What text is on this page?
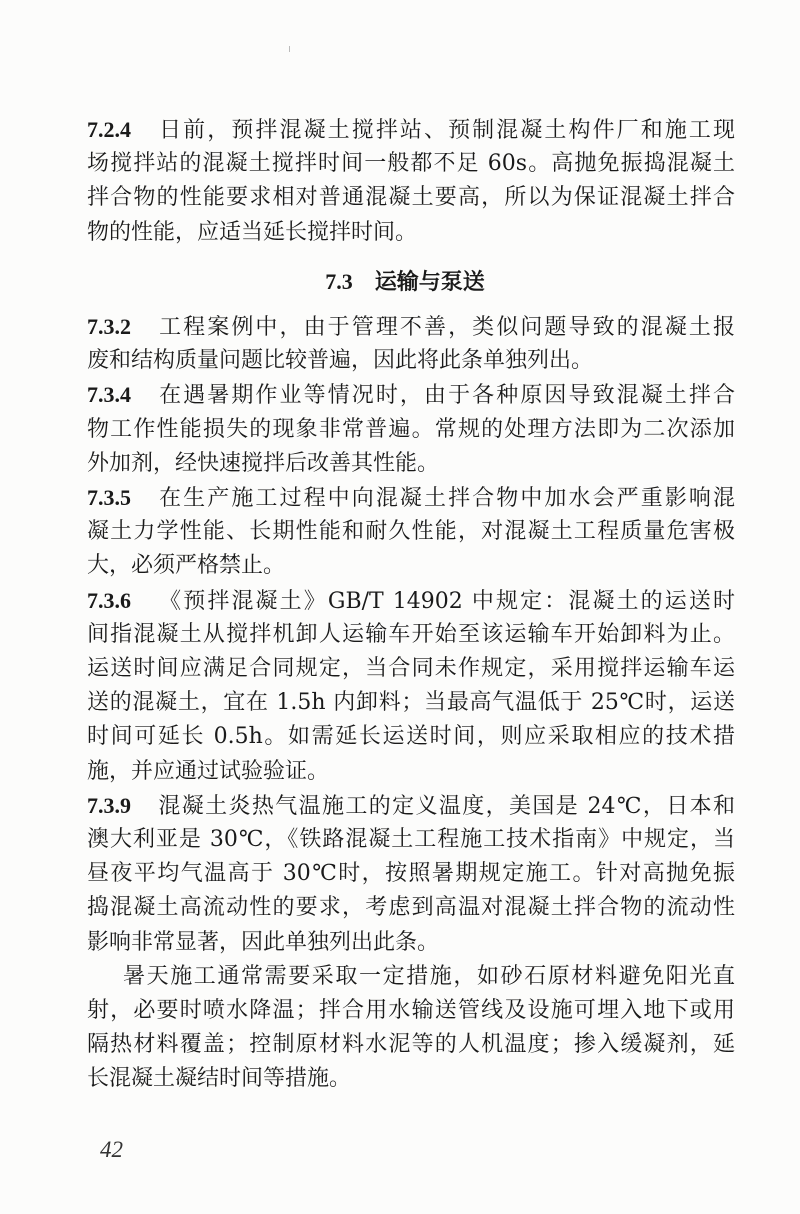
7.3 运输与泵送
7.2.4 日前，预拌混凝土搅拌站、预制混凝土构件厂和施工现
场搅拌站的混凝土搅拌时间一般都不足 60s。高抛免振捣混凝土
拌合物的性能要求相对普通混凝土要高，所以为保证混凝土拌合
物的性能，应适当延长搅拌时间。
7.3.2 工程案例中，由于管理不善，类似问题导致的混凝土报
废和结构质量问题比较普遍，因此将此条单独列出。
7.3.4 在遇暑期作业等情况时，由于各种原因导致混凝土拌合
物工作性能损失的现象非常普遍。常规的处理方法即为二次添加
外加剂，经快速搅拌后改善其性能。
7.3.5 在生产施工过程中向混凝土拌合物中加水会严重影响混
凝土力学性能、长期性能和耐久性能，对混凝土工程质量危害极
大，必须严格禁止。
7.3.6 《预拌混凝土》GB/T 14902 中规定：混凝土的运送时
间指混凝土从搅拌机卸人运输车开始至该运输车开始卸料为止。
运送时间应满足合同规定，当合同未作规定，采用搅拌运输车运
送的混凝土，宜在 1.5h 内卸料；当最高气温低于 25℃时，运送
时间可延长 0.5h。如需延长运送时间，则应采取相应的技术措
施，并应通过试验验证。
7.3.9 混凝土炎热气温施工的定义温度，美国是 24℃，日本和
澳大利亚是 30℃，《铁路混凝土工程施工技术指南》中规定，当
昼夜平均气温高于 30℃时，按照暑期规定施工。针对高抛免振
捣混凝土高流动性的要求，考虑到高温对混凝土拌合物的流动性
影响非常显著，因此单独列出此条。
暑天施工通常需要采取一定措施，如砂石原材料避免阳光直
射，必要时喷水降温；拌合用水输送管线及设施可埋入地下或用
隔热材料覆盖；控制原材料水泥等的人机温度；掺入缓凝剂，延
长混凝土凝结时间等措施。
42
